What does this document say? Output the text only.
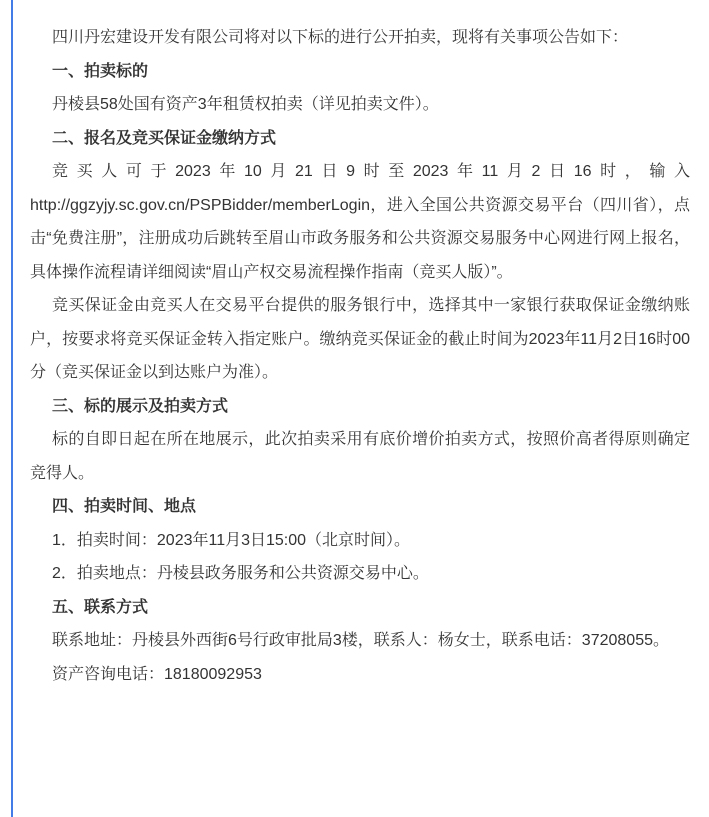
四川丹宏建设开发有限公司将对以下标的进行公开拍卖，现将有关事项公告如下：

一、拍卖标的

丹棱县58处国有资产3年租赁权拍卖（详见拍卖文件）。

二、报名及竞买保证金缴纳方式

竞买人可于2023年10月21日9时至2023年11月2日16时，输入http://ggzyjy.sc.gov.cn/PSPBidder/memberLogin，进入全国公共资源交易平台（四川省），点击“免费注册”，注册成功后跳转至眉山市政务服务和公共资源交易服务中心网进行网上报名，具体操作流程请详细阅读“眉山产权交易流程操作指南（竞买人版）”。

竞买保证金由竞买人在交易平台提供的服务银行中，选择其中一家银行获取保证金缴纳账户，按要求将竞买保证金转入指定账户。缴纳竞买保证金的截止时间为2023年11月2日16时00分（竞买保证金以到达账户为准）。

三、标的展示及拍卖方式

标的自即日起在所在地展示，此次拍卖采用有底价增价拍卖方式，按照价高者得原则确定竞得人。

四、拍卖时间、地点

1．拍卖时间：2023年11月3日15:00（北京时间）。

2．拍卖地点：丹棱县政务服务和公共资源交易中心。

五、联系方式

联系地址：丹棱县外西街6号行政审批局3楼，联系人：杨女士，联系电话：37208055。

资产咨询电话：18180092953
